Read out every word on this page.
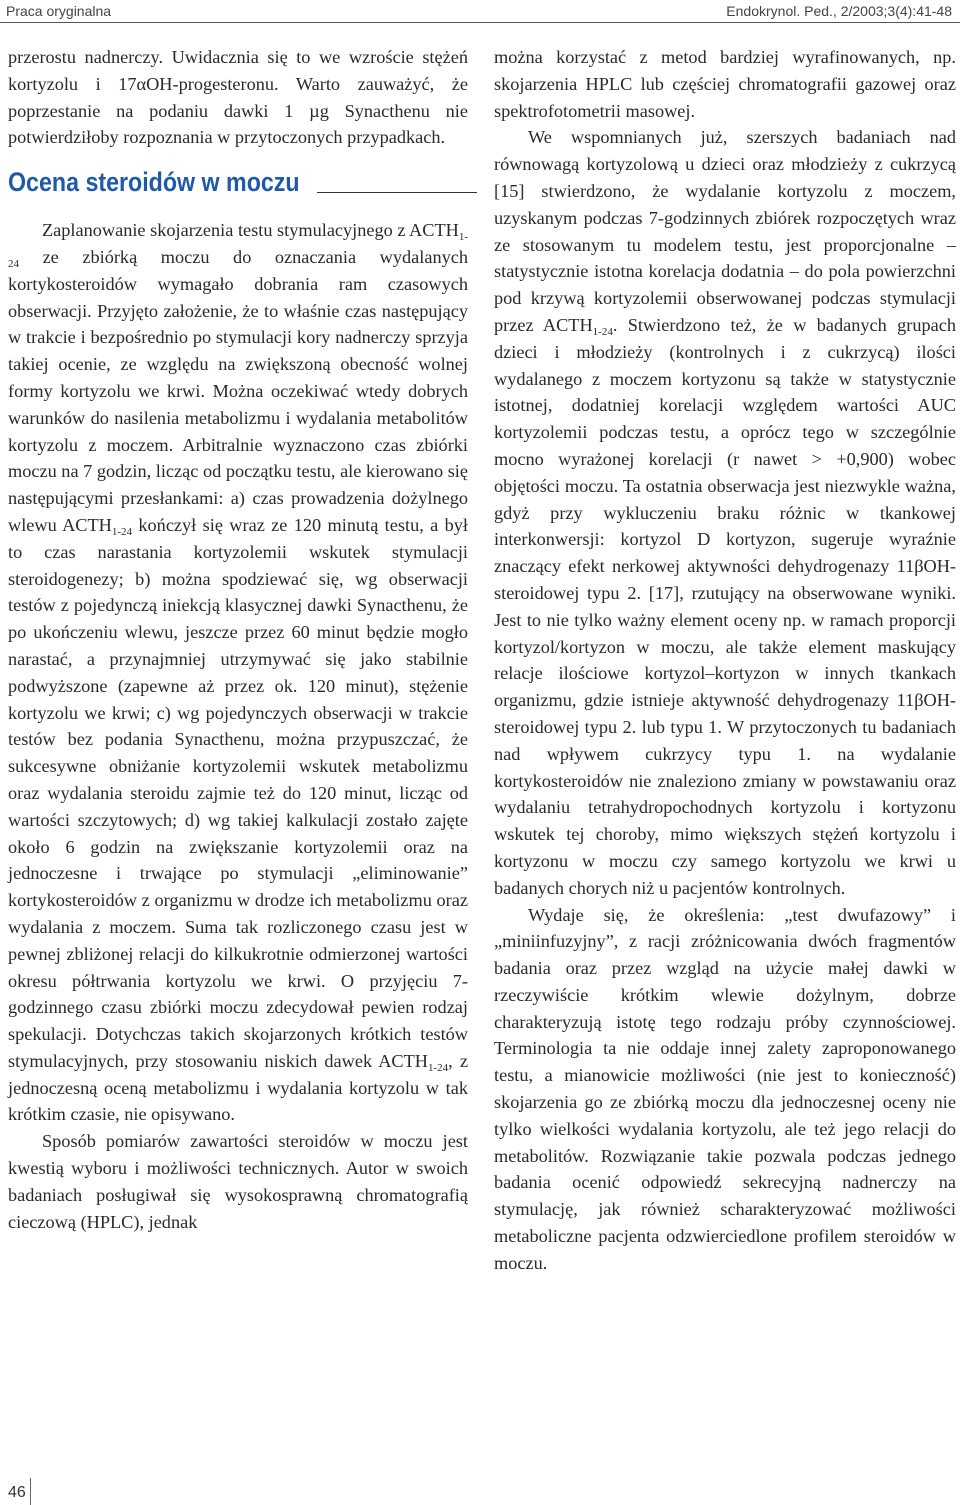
Praca oryginalna	Endokrynol. Ped., 2/2003;3(4):41-48

przerostu nadnerczy. Uwidacznia się to we wzroście stężeń kortyzolu i 17αOH-progesteronu. Warto zauważyć, że poprzestanie na podaniu dawki 1 µg Synacthenu nie potwierdziłoby rozpoznania w przytoczonych przypadkach.

Ocena steroidów w moczu

Zaplanowanie skojarzenia testu stymulacyjnego z $ACTH_{1-24}$ ze zbiórką moczu do oznaczania wydalanych kortykosteroidów wymagało dobrania ram czasowych obserwacji. Przyjęto założenie, że to właśnie czas następujący w trakcie i bezpośrednio po stymulacji kory nadnerczy sprzyja takiej ocenie, ze względu na zwiększoną obecność wolnej formy kortyzolu we krwi. Można oczekiwać wtedy dobrych warunków do nasilenia metabolizmu i wydalania metabolitów kortyzolu z moczem. Arbitralnie wyznaczono czas zbiórki moczu na 7 godzin, licząc od początku testu, ale kierowano się następującymi przesłankami: a) czas prowadzenia dożylnego wlewu $ACTH_{1-24}$ kończył się wraz ze 120 minutą testu, a był to czas narastania kortyzolemii wskutek stymulacji steroidogenezy; b) można spodziewać się, wg obserwacji testów z pojedynczą iniekcją klasycznej dawki Synacthenu, że po ukończeniu wlewu, jeszcze przez 60 minut będzie mogło narastać, a przynajmniej utrzymywać się jako stabilnie podwyższone (zapewne aż przez ok. 120 minut), stężenie kortyzolu we krwi; c) wg pojedynczych obserwacji w trakcie testów bez podania Synacthenu, można przypuszczać, że sukcesywne obniżanie kortyzolemii wskutek metabolizmu oraz wydalania steroidu zajmie też do 120 minut, licząc od wartości szczytowych; d) wg takiej kalkulacji zostało zajęte około 6 godzin na zwiększanie kortyzolemii oraz na jednoczesne i trwające po stymulacji „eliminowanie” kortykosteroidów z organizmu w drodze ich metabolizmu oraz wydalania z moczem. Suma tak rozliczonego czasu jest w pewnej zbliżonej relacji do kilkukrotnie odmierzonej wartości okresu półtrwania kortyzolu we krwi. O przyjęciu 7-godzinnego czasu zbiórki moczu zdecydował pewien rodzaj spekulacji. Dotychczas takich skojarzonych krótkich testów stymulacyjnych, przy stosowaniu niskich dawek $ACTH_{1-24}$, z jednoczesną oceną metabolizmu i wydalania kortyzolu w tak krótkim czasie, nie opisywano.

Sposób pomiarów zawartości steroidów w moczu jest kwestią wyboru i możliwości technicznych. Autor w swoich badaniach posługiwał się wysokosprawną chromatografią cieczową (HPLC), jednak

można korzystać z metod bardziej wyrafinowanych, np. skojarzenia HPLC lub częściej chromatografii gazowej oraz spektrofotometrii masowej.

We wspomnianych już, szerszych badaniach nad równowagą kortyzolową u dzieci oraz młodzieży z cukrzycą [15] stwierdzono, że wydalanie kortyzolu z moczem, uzyskanym podczas 7-godzinnych zbiórek rozpoczętych wraz ze stosowanym tu modelem testu, jest proporcjonalne – statystycznie istotna korelacja dodatnia – do pola powierzchni pod krzywą kortyzolemii obserwowanej podczas stymulacji przez $ACTH_{1-24}$. Stwierdzono też, że w badanych grupach dzieci i młodzieży (kontrolnych i z cukrzycą) ilości wydalanego z moczem kortyzonu są także w statystycznie istotnej, dodatniej korelacji względem wartości AUC kortyzolemii podczas testu, a oprócz tego w szczególnie mocno wyrażonej korelacji (r nawet > +0,900) wobec objętości moczu. Ta ostatnia obserwacja jest niezwykle ważna, gdyż przy wykluczeniu braku różnic w tkankowej interkonwersji: kortyzol D kortyzon, sugeruje wyraźnie znaczący efekt nerkowej aktywności dehydrogenazy 11βOH-steroidowej typu 2. [17], rzutujący na obserwowane wyniki. Jest to nie tylko ważny element oceny np. w ramach proporcji kortyzol/kortyzon w moczu, ale także element maskujący relacje ilościowe kortyzol–kortyzon w innych tkankach organizmu, gdzie istnieje aktywność dehydrogenazy 11βOH-steroidowej typu 2. lub typu 1. W przytoczonych tu badaniach nad wpływem cukrzycy typu 1. na wydalanie kortykosteroidów nie znaleziono zmiany w powstawaniu oraz wydalaniu tetrahydropochodnych kortyzolu i kortyzonu wskutek tej choroby, mimo większych stężeń kortyzolu i kortyzonu w moczu czy samego kortyzolu we krwi u badanych chorych niż u pacjentów kontrolnych.

Wydaje się, że określenia: „test dwufazowy” i „miniinfuzyjny”, z racji zróżnicowania dwóch fragmentów badania oraz przez wzgląd na użycie małej dawki w rzeczywiście krótkim wlewie dożylnym, dobrze charakteryzują istotę tego rodzaju próby czynnościowej. Terminologia ta nie oddaje innej zalety zaproponowanego testu, a mianowicie możliwości (nie jest to konieczność) skojarzenia go ze zbiórką moczu dla jednoczesnej oceny nie tylko wielkości wydalania kortyzolu, ale też jego relacji do metabolitów. Rozwiązanie takie pozwala podczas jednego badania ocenić odpowiedź sekrecyjną nadnerczy na stymulację, jak również scharakteryzować możliwości metaboliczne pacjenta odzwierciedlone profilem steroidów w moczu.

46
